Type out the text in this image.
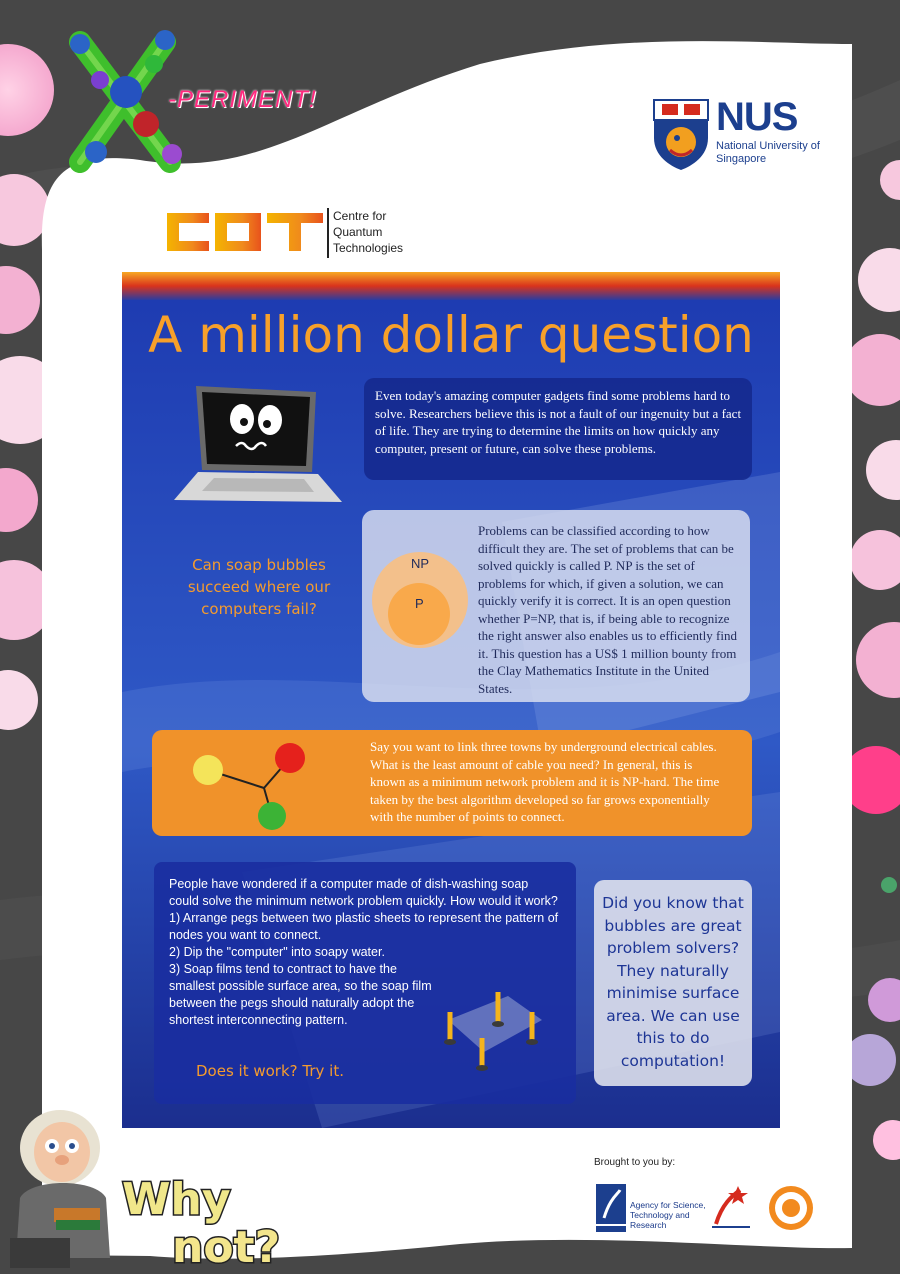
-PERIMENT!	NUS
National University of Singapore
Centre for
Quantum
Technologies
A million dollar question
Even today's amazing computer gadgets find some problems hard to solve. Researchers believe this is not a fault of our ingenuity but a fact of life. They are trying to determine the limits on how quickly any computer, present or future, can solve these problems.
Can soap bubbles succeed where our computers fail?
NP
P
Problems can be classified according to how difficult they are. The set of problems that can be solved quickly is called P. NP is the set of problems for which, if given a solution, we can quickly verify it is correct. It is an open question whether P=NP, that is, if being able to recognize the right answer also enables us to efficiently find it. This question has a US$ 1 million bounty from the Clay Mathematics Institute in the United States.
Say you want to link three towns by underground electrical cables. What is the least amount of cable you need? In general, this is known as a minimum network problem and it is NP-hard. The time taken by the best algorithm developed so far grows exponentially with the number of points to connect.
People have wondered if a computer made of dish-washing soap could solve the minimum network problem quickly. How would it work?
1) Arrange pegs between two plastic sheets to represent the pattern of nodes you want to connect.
2) Dip the "computer" into soapy water.
3) Soap films tend to contract to have the smallest possible surface area, so the soap film between the pegs should naturally adopt the shortest interconnecting pattern.
Does it work? Try it.
Did you know that bubbles are great problem solvers? They naturally minimise surface area. We can use this to do computation!
Brought to you by:
Agency for Science, Technology and Research
Why
not?
